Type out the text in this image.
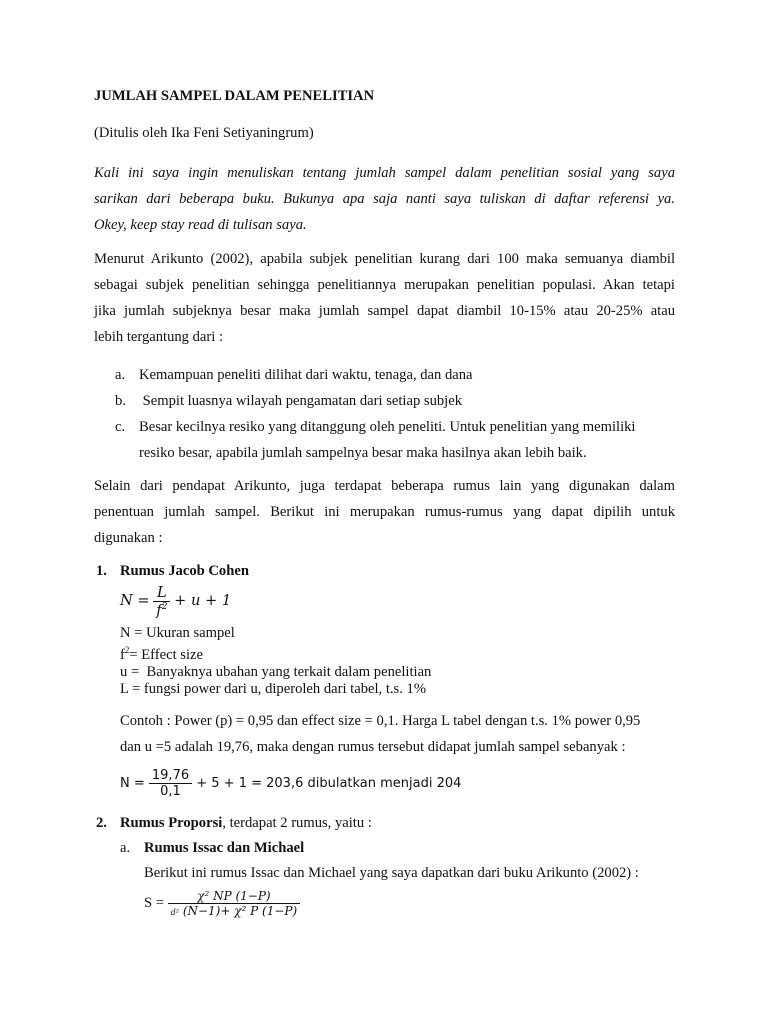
JUMLAH SAMPEL DALAM PENELITIAN
(Ditulis oleh Ika Feni Setiyaningrum)
Kali ini saya ingin menuliskan tentang jumlah sampel dalam penelitian sosial yang saya
sarikan dari beberapa buku. Bukunya apa saja nanti saya tuliskan di daftar referensi ya.
Okey, keep stay read di tulisan saya.
Menurut Arikunto (2002), apabila subjek penelitian kurang dari 100 maka semuanya diambil
sebagai subjek penelitian sehingga penelitiannya merupakan penelitian populasi. Akan tetapi
jika jumlah subjeknya besar maka jumlah sampel dapat diambil 10-15% atau 20-25% atau
lebih tergantung dari :
a. Kemampuan peneliti dilihat dari waktu, tenaga, dan dana
b. Sempit luasnya wilayah pengamatan dari setiap subjek
c. Besar kecilnya resiko yang ditanggung oleh peneliti. Untuk penelitian yang memiliki
resiko besar, apabila jumlah sampelnya besar maka hasilnya akan lebih baik.
Selain dari pendapat Arikunto, juga terdapat beberapa rumus lain yang digunakan dalam
penentuan jumlah sampel. Berikut ini merupakan rumus-rumus yang dapat dipilih untuk
digunakan :
1. Rumus Jacob Cohen
$N = \frac{L}{f^2} + u + 1$
N = Ukuran sampel
$f^2=$ Effect size
u =  Banyaknya ubahan yang terkait dalam penelitian
L = fungsi power dari u, diperoleh dari tabel, t.s. 1%
Contoh : Power (p) = 0,95 dan effect size = 0,1. Harga L tabel dengan t.s. 1% power 0,95
dan u =5 adalah 19,76, maka dengan rumus tersebut didapat jumlah sampel sebanyak :
$N = \frac{19,76}{0,1} + 5 + 1 = 203,6$ dibulatkan menjadi 204
2. Rumus Proporsi, terdapat 2 rumus, yaitu :
a. Rumus Issac dan Michael
Berikut ini rumus Issac dan Michael yang saya dapatkan dari buku Arikunto (2002) :
$S = \frac{\text{χ² NP (1−P)}}{\text{d² (N−1)+ χ² P (1−P)}}$
